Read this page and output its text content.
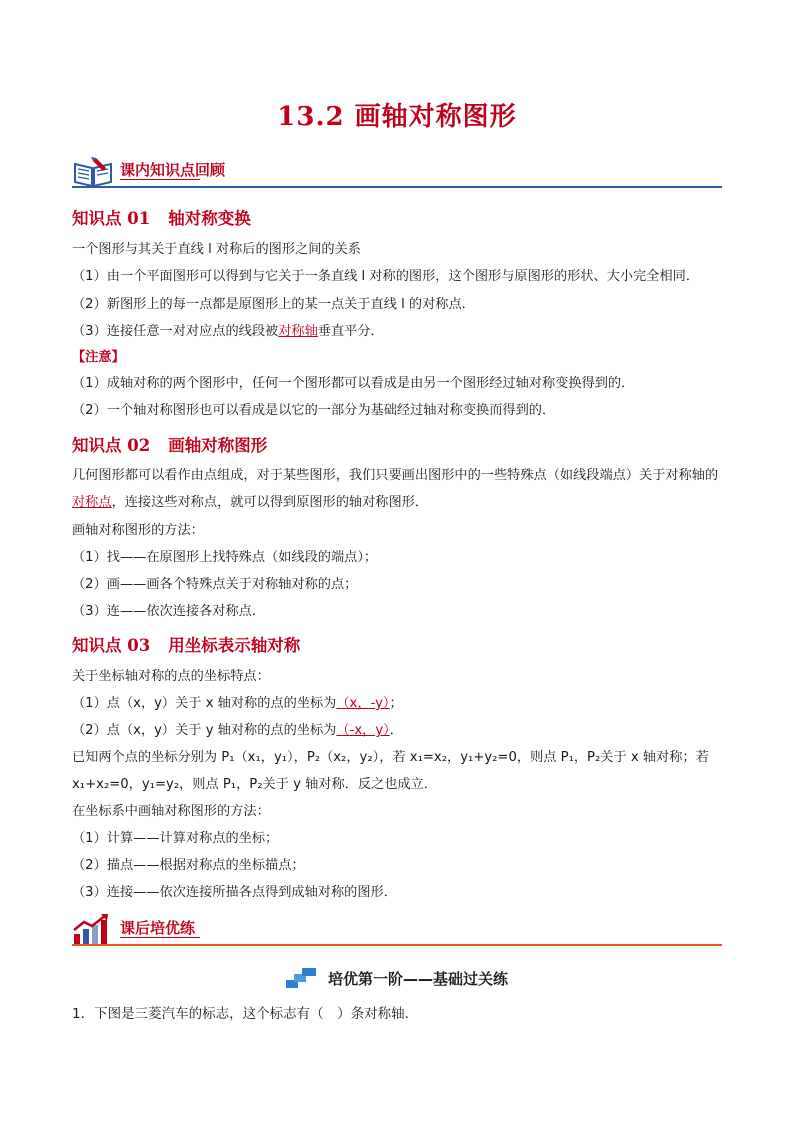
13.2 画轴对称图形
课内知识点回顾
知识点 01 轴对称变换
一个图形与其关于直线 l 对称后的图形之间的关系
（1）由一个平面图形可以得到与它关于一条直线 l 对称的图形，这个图形与原图形的形状、大小完全相同．
（2）新图形上的每一点都是原图形上的某一点关于直线 l 的对称点．
（3）连接任意一对对应点的线段被对称轴垂直平分．
【注意】
（1）成轴对称的两个图形中，任何一个图形都可以看成是由另一个图形经过轴对称变换得到的．
（2）一个轴对称图形也可以看成是以它的一部分为基础经过轴对称变换而得到的．
知识点 02 画轴对称图形
几何图形都可以看作由点组成，对于某些图形，我们只要画出图形中的一些特殊点（如线段端点）关于对称轴的对称点，连接这些对称点，就可以得到原图形的轴对称图形．
画轴对称图形的方法：
（1）找——在原图形上找特殊点（如线段的端点）；
（2）画——画各个特殊点关于对称轴对称的点；
（3）连——依次连接各对称点．
知识点 03 用坐标表示轴对称
关于坐标轴对称的点的坐标特点：
（1）点（x，y）关于 x 轴对称的点的坐标为（x，-y）；
（2）点（x，y）关于 y 轴对称的点的坐标为（-x，y）．
已知两个点的坐标分别为 P₁（x₁，y₁），P₂（x₂，y₂），若 x₁=x₂，y₁+y₂=0，则点 P₁，P₂关于 x 轴对称；若 x₁+x₂=0，y₁=y₂，则点 P₁，P₂关于 y 轴对称．反之也成立．
在坐标系中画轴对称图形的方法：
（1）计算——计算对称点的坐标；
（2）描点——根据对称点的坐标描点；
（3）连接——依次连接所描各点得到成轴对称的图形．
课后培优练
培优第一阶——基础过关练
1．下图是三菱汽车的标志，这个标志有（　）条对称轴．
